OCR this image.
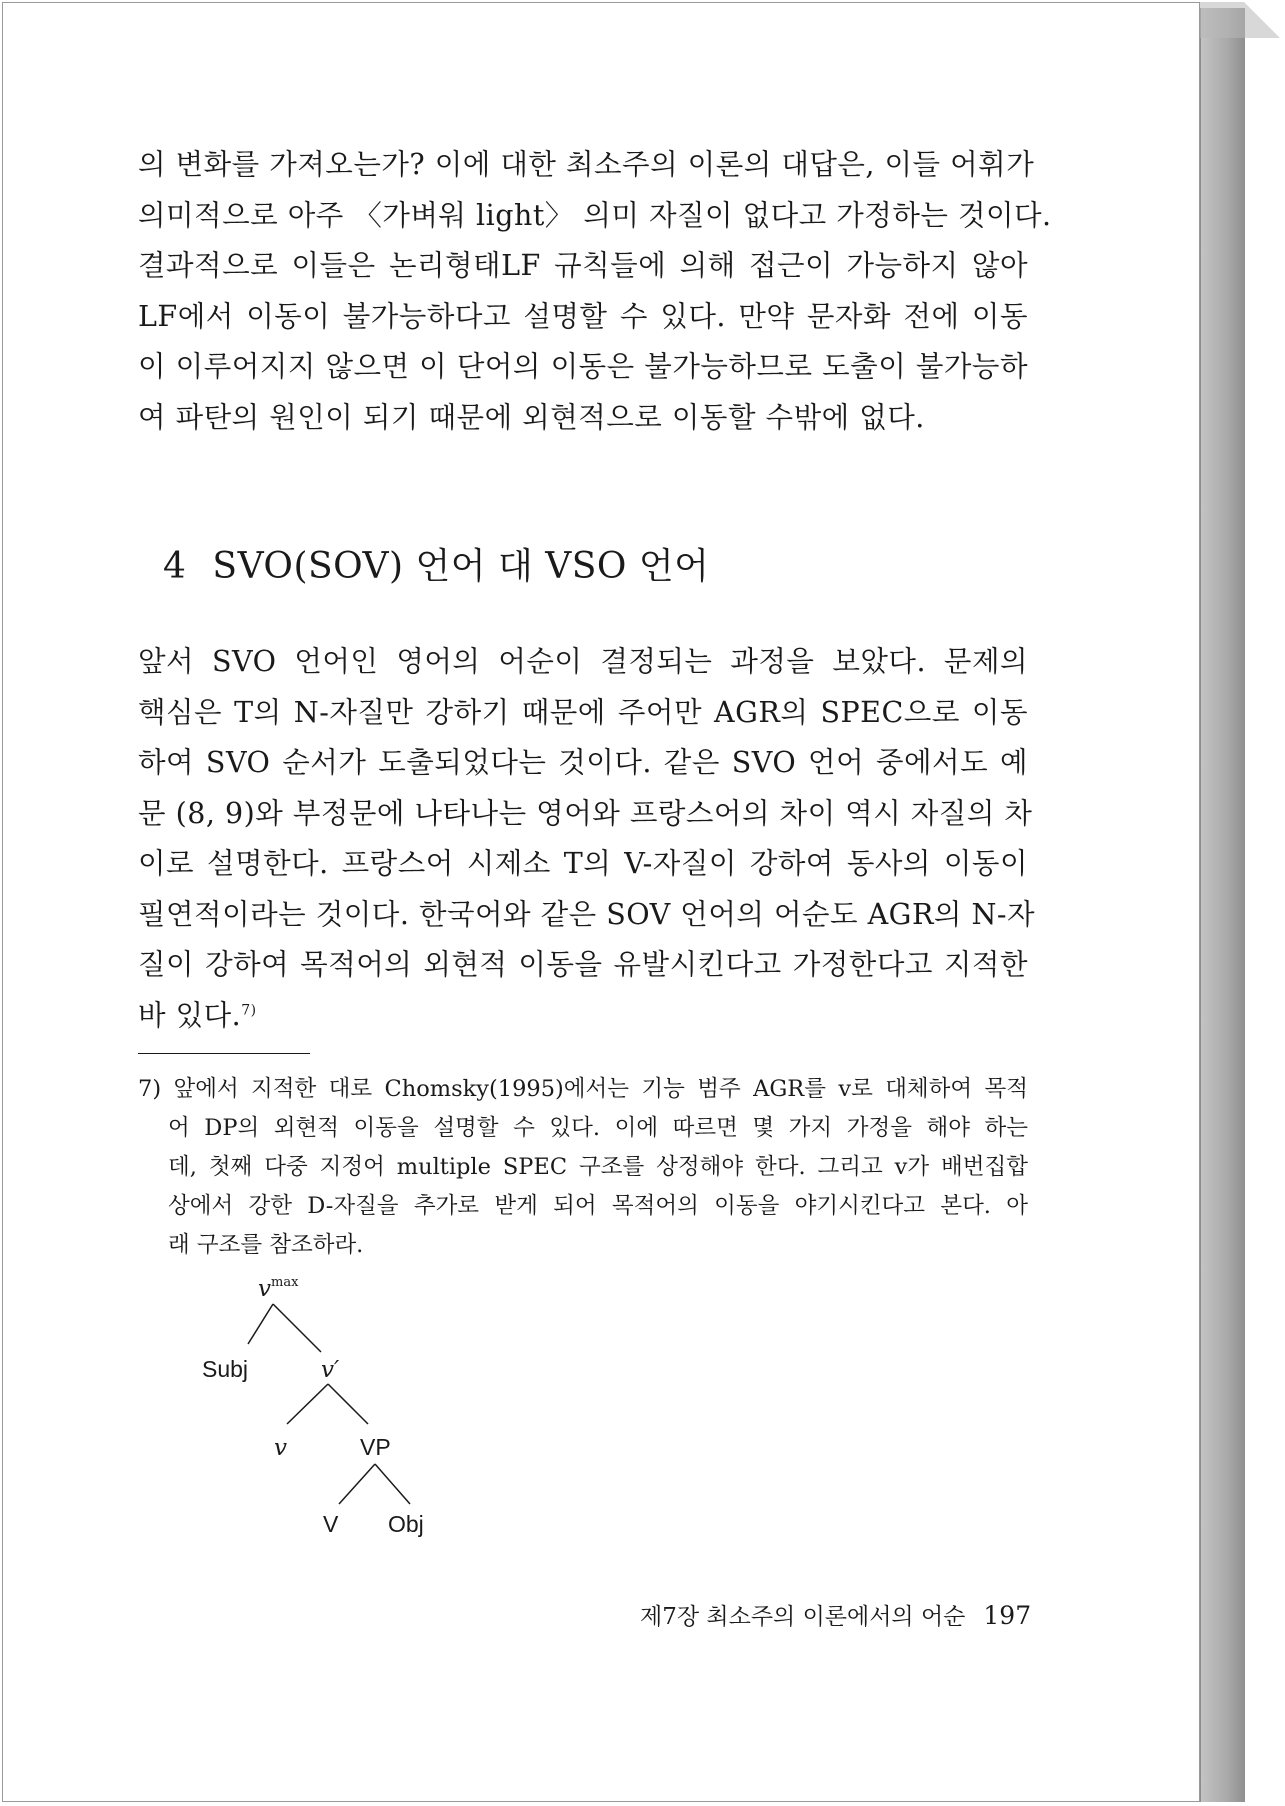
의 변화를 가져오는가? 이에 대한 최소주의 이론의 대답은, 이들 어휘가
의미적으로 아주 〈가벼워 light〉 의미 자질이 없다고 가정하는 것이다.
결과적으로 이들은 논리형태LF 규칙들에 의해 접근이 가능하지 않아
LF에서 이동이 불가능하다고 설명할 수 있다. 만약 문자화 전에 이동
이 이루어지지 않으면 이 단어의 이동은 불가능하므로 도출이 불가능하
여 파탄의 원인이 되기 때문에 외현적으로 이동할 수밖에 없다.
4 SVO(SOV) 언어 대 VSO 언어
앞서 SVO 언어인 영어의 어순이 결정되는 과정을 보았다. 문제의
핵심은 T의 N-자질만 강하기 때문에 주어만 AGR의 SPEC으로 이동
하여 SVO 순서가 도출되었다는 것이다. 같은 SVO 언어 중에서도 예
문 (8, 9)와 부정문에 나타나는 영어와 프랑스어의 차이 역시 자질의 차
이로 설명한다. 프랑스어 시제소 T의 V-자질이 강하여 동사의 이동이
필연적이라는 것이다. 한국어와 같은 SOV 언어의 어순도 AGR의 N-자
질이 강하여 목적어의 외현적 이동을 유발시킨다고 가정한다고 지적한
바 있다.$^{7)}$
7) 앞에서 지적한 대로 Chomsky(1995)에서는 기능 범주 AGR를 v로 대체하여 목적
어 DP의 외현적 이동을 설명할 수 있다. 이에 따르면 몇 가지 가정을 해야 하는
데, 첫째 다중 지정어 multiple SPEC 구조를 상정해야 한다. 그리고 v가 배번집합
상에서 강한 D-자질을 추가로 받게 되어 목적어의 이동을 야기시킨다고 본다. 아
래 구조를 참조하라.
$v^{max}$
Subj	v′
v	VP
V Obj
제7장 최소주의 이론에서의 어순 197
